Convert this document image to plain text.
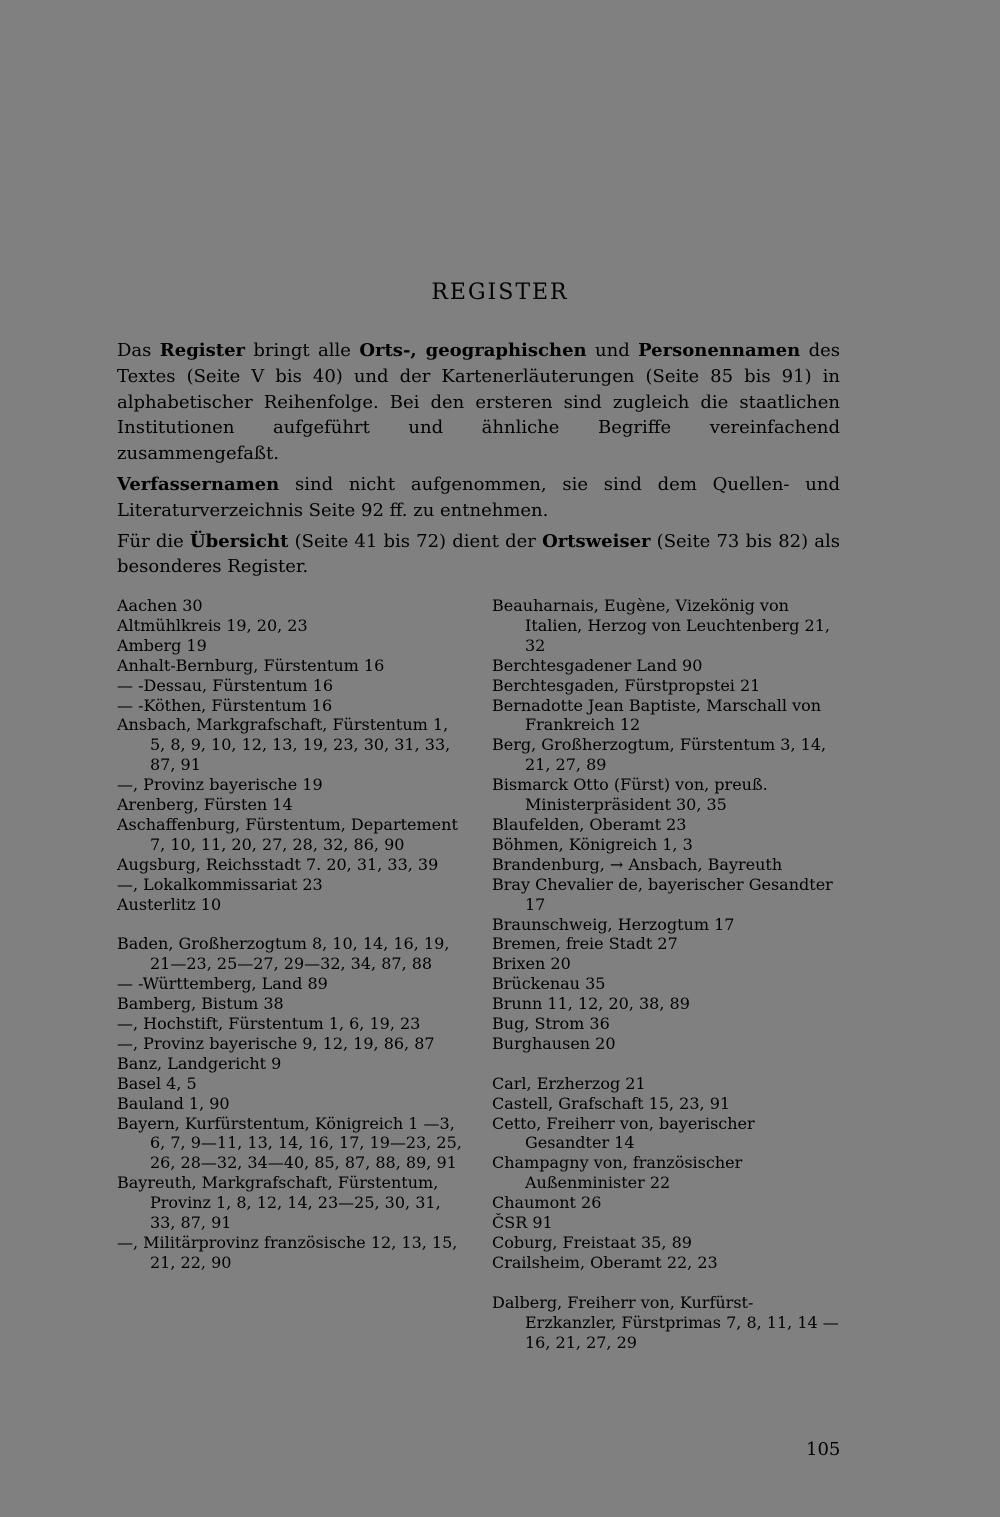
REGISTER

Das Register bringt alle Orts-, geographischen und Personennamen des Textes (Seite V bis 40) und der Kartenerläuterungen (Seite 85 bis 91) in alphabetischer Reihenfolge. Bei den ersteren sind zugleich die staatlichen Institutionen aufgeführt und ähnliche Begriffe vereinfachend zusammengefaßt.

Verfassernamen sind nicht aufgenommen, sie sind dem Quellen- und Literaturverzeichnis Seite 92 ff. zu entnehmen.

Für die Übersicht (Seite 41 bis 72) dient der Ortsweiser (Seite 73 bis 82) als besonderes Register.

Aachen 30
Altmühlkreis 19, 20, 23
Amberg 19
Anhalt-Bernburg, Fürstentum 16
— -Dessau, Fürstentum 16
— -Köthen, Fürstentum 16
Ansbach, Markgrafschaft, Fürstentum 1, 5, 8, 9, 10, 12, 13, 19, 23, 30, 31, 33, 87, 91
—, Provinz bayerische 19
Arenberg, Fürsten 14
Aschaffenburg, Fürstentum, Departement 7, 10, 11, 20, 27, 28, 32, 86, 90
Augsburg, Reichsstadt 7. 20, 31, 33, 39
—, Lokalkommissariat 23
Austerlitz 10
Baden, Großherzogtum 8, 10, 14, 16, 19, 21—23, 25—27, 29—32, 34, 87, 88
— -Württemberg, Land 89
Bamberg, Bistum 38
—, Hochstift, Fürstentum 1, 6, 19, 23
—, Provinz bayerische 9, 12, 19, 86, 87
Banz, Landgericht 9
Basel 4, 5
Bauland 1, 90
Bayern, Kurfürstentum, Königreich 1 —3, 6, 7, 9—11, 13, 14, 16, 17, 19—23, 25, 26, 28—32, 34—40, 85, 87, 88, 89, 91
Bayreuth, Markgrafschaft, Fürstentum, Provinz 1, 8, 12, 14, 23—25, 30, 31, 33, 87, 91
—, Militärprovinz französische 12, 13, 15, 21, 22, 90
Beauharnais, Eugène, Vizekönig von Italien, Herzog von Leuchtenberg 21, 32
Berchtesgadener Land 90
Berchtesgaden, Fürstpropstei 21
Bernadotte Jean Baptiste, Marschall von Frankreich 12
Berg, Großherzogtum, Fürstentum 3, 14, 21, 27, 89
Bismarck Otto (Fürst) von, preuß. Ministerpräsident 30, 35
Blaufelden, Oberamt 23
Böhmen, Königreich 1, 3
Brandenburg, → Ansbach, Bayreuth
Bray Chevalier de, bayerischer Gesandter 17
Braunschweig, Herzogtum 17
Bremen, freie Stadt 27
Brixen 20
Brückenau 35
Brunn 11, 12, 20, 38, 89
Bug, Strom 36
Burghausen 20
Carl, Erzherzog 21
Castell, Grafschaft 15, 23, 91
Cetto, Freiherr von, bayerischer Gesandter 14
Champagny von, französischer Außenminister 22
Chaumont 26
ČSR 91
Coburg, Freistaat 35, 89
Crailsheim, Oberamt 22, 23
Dalberg, Freiherr von, Kurfürst-Erzkanzler, Fürstprimas 7, 8, 11, 14 —16, 21, 27, 29
105
